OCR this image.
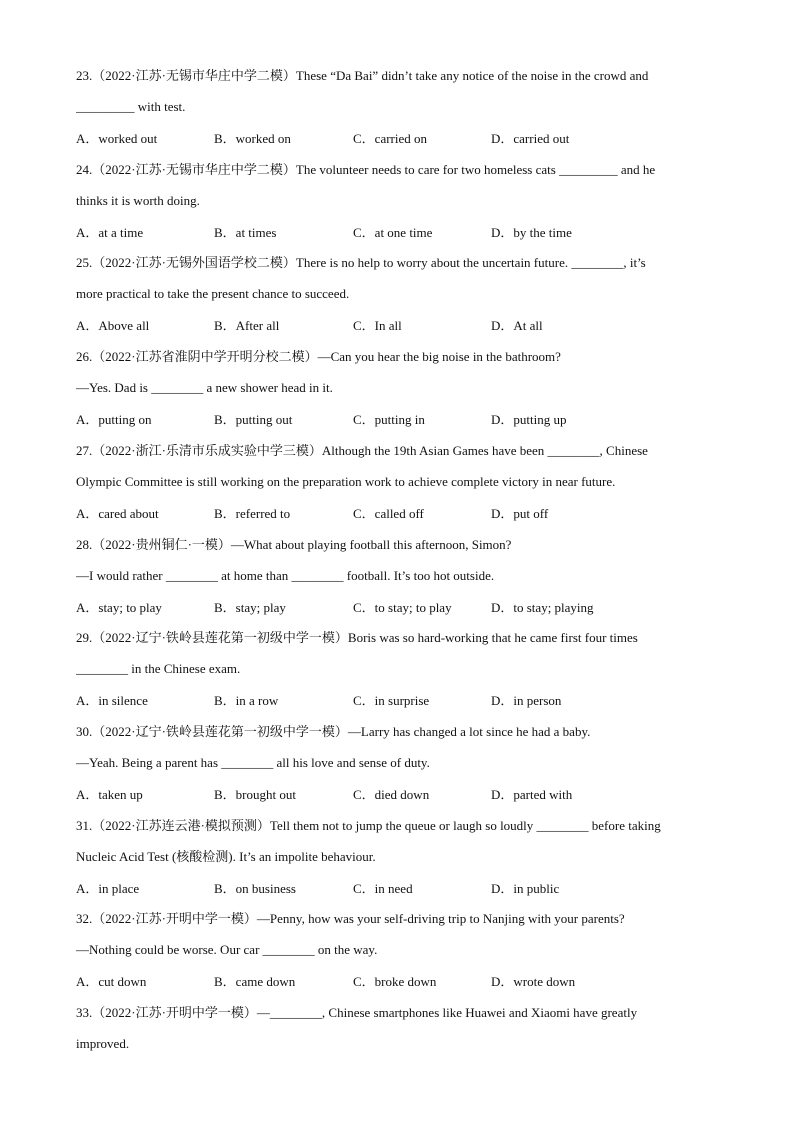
23.（2022·江苏·无锡市华庄中学二模）These “Da Bai” didn’t take any notice of the noise in the crowd and
_________ with test.
A．worked out	B．worked on	C．carried on	D．carried out
24.（2022·江苏·无锡市华庄中学二模）The volunteer needs to care for two homeless cats _________ and he
thinks it is worth doing.
A．at a time	B．at times	C．at one time	D．by the time
25.（2022·江苏·无锡外国语学校二模）There is no help to worry about the uncertain future. ________, it’s
more practical to take the present chance to succeed.
A．Above all	B．After all	C．In all	D．At all
26.（2022·江苏省淮阴中学开明分校二模）—Can you hear the big noise in the bathroom?
—Yes. Dad is ________ a new shower head in it.
A．putting on	B．putting out	C．putting in	D．putting up
27.（2022·浙江·乐清市乐成实验中学三模）Although the 19th Asian Games have been ________, Chinese
Olympic Committee is still working on the preparation work to achieve complete victory in near future.
A．cared about	B．referred to	C．called off	D．put off
28.（2022·贵州铜仁·一模）—What about playing football this afternoon, Simon?
—I would rather ________ at home than ________ football. It’s too hot outside.
A．stay; to play	B．stay; play	C．to stay; to play	D．to stay; playing
29.（2022·辽宁·铁岭县莲花第一初级中学一模）Boris was so hard-working that he came first four times
________ in the Chinese exam.
A．in silence	B．in a row	C．in surprise	D．in person
30.（2022·辽宁·铁岭县莲花第一初级中学一模）—Larry has changed a lot since he had a baby.
—Yeah. Being a parent has ________ all his love and sense of duty.
A．taken up	B．brought out	C．died down	D．parted with
31.（2022·江苏连云港·模拟预测）Tell them not to jump the queue or laugh so loudly ________ before taking
Nucleic Acid Test (核酸检测). It’s an impolite behaviour.
A．in place	B．on business	C．in need	D．in public
32.（2022·江苏·开明中学一模）—Penny, how was your self-driving trip to Nanjing with your parents?
—Nothing could be worse. Our car ________ on the way.
A．cut down	B．came down	C．broke down	D．wrote down
33.（2022·江苏·开明中学一模）—________, Chinese smartphones like Huawei and Xiaomi have greatly
improved.
